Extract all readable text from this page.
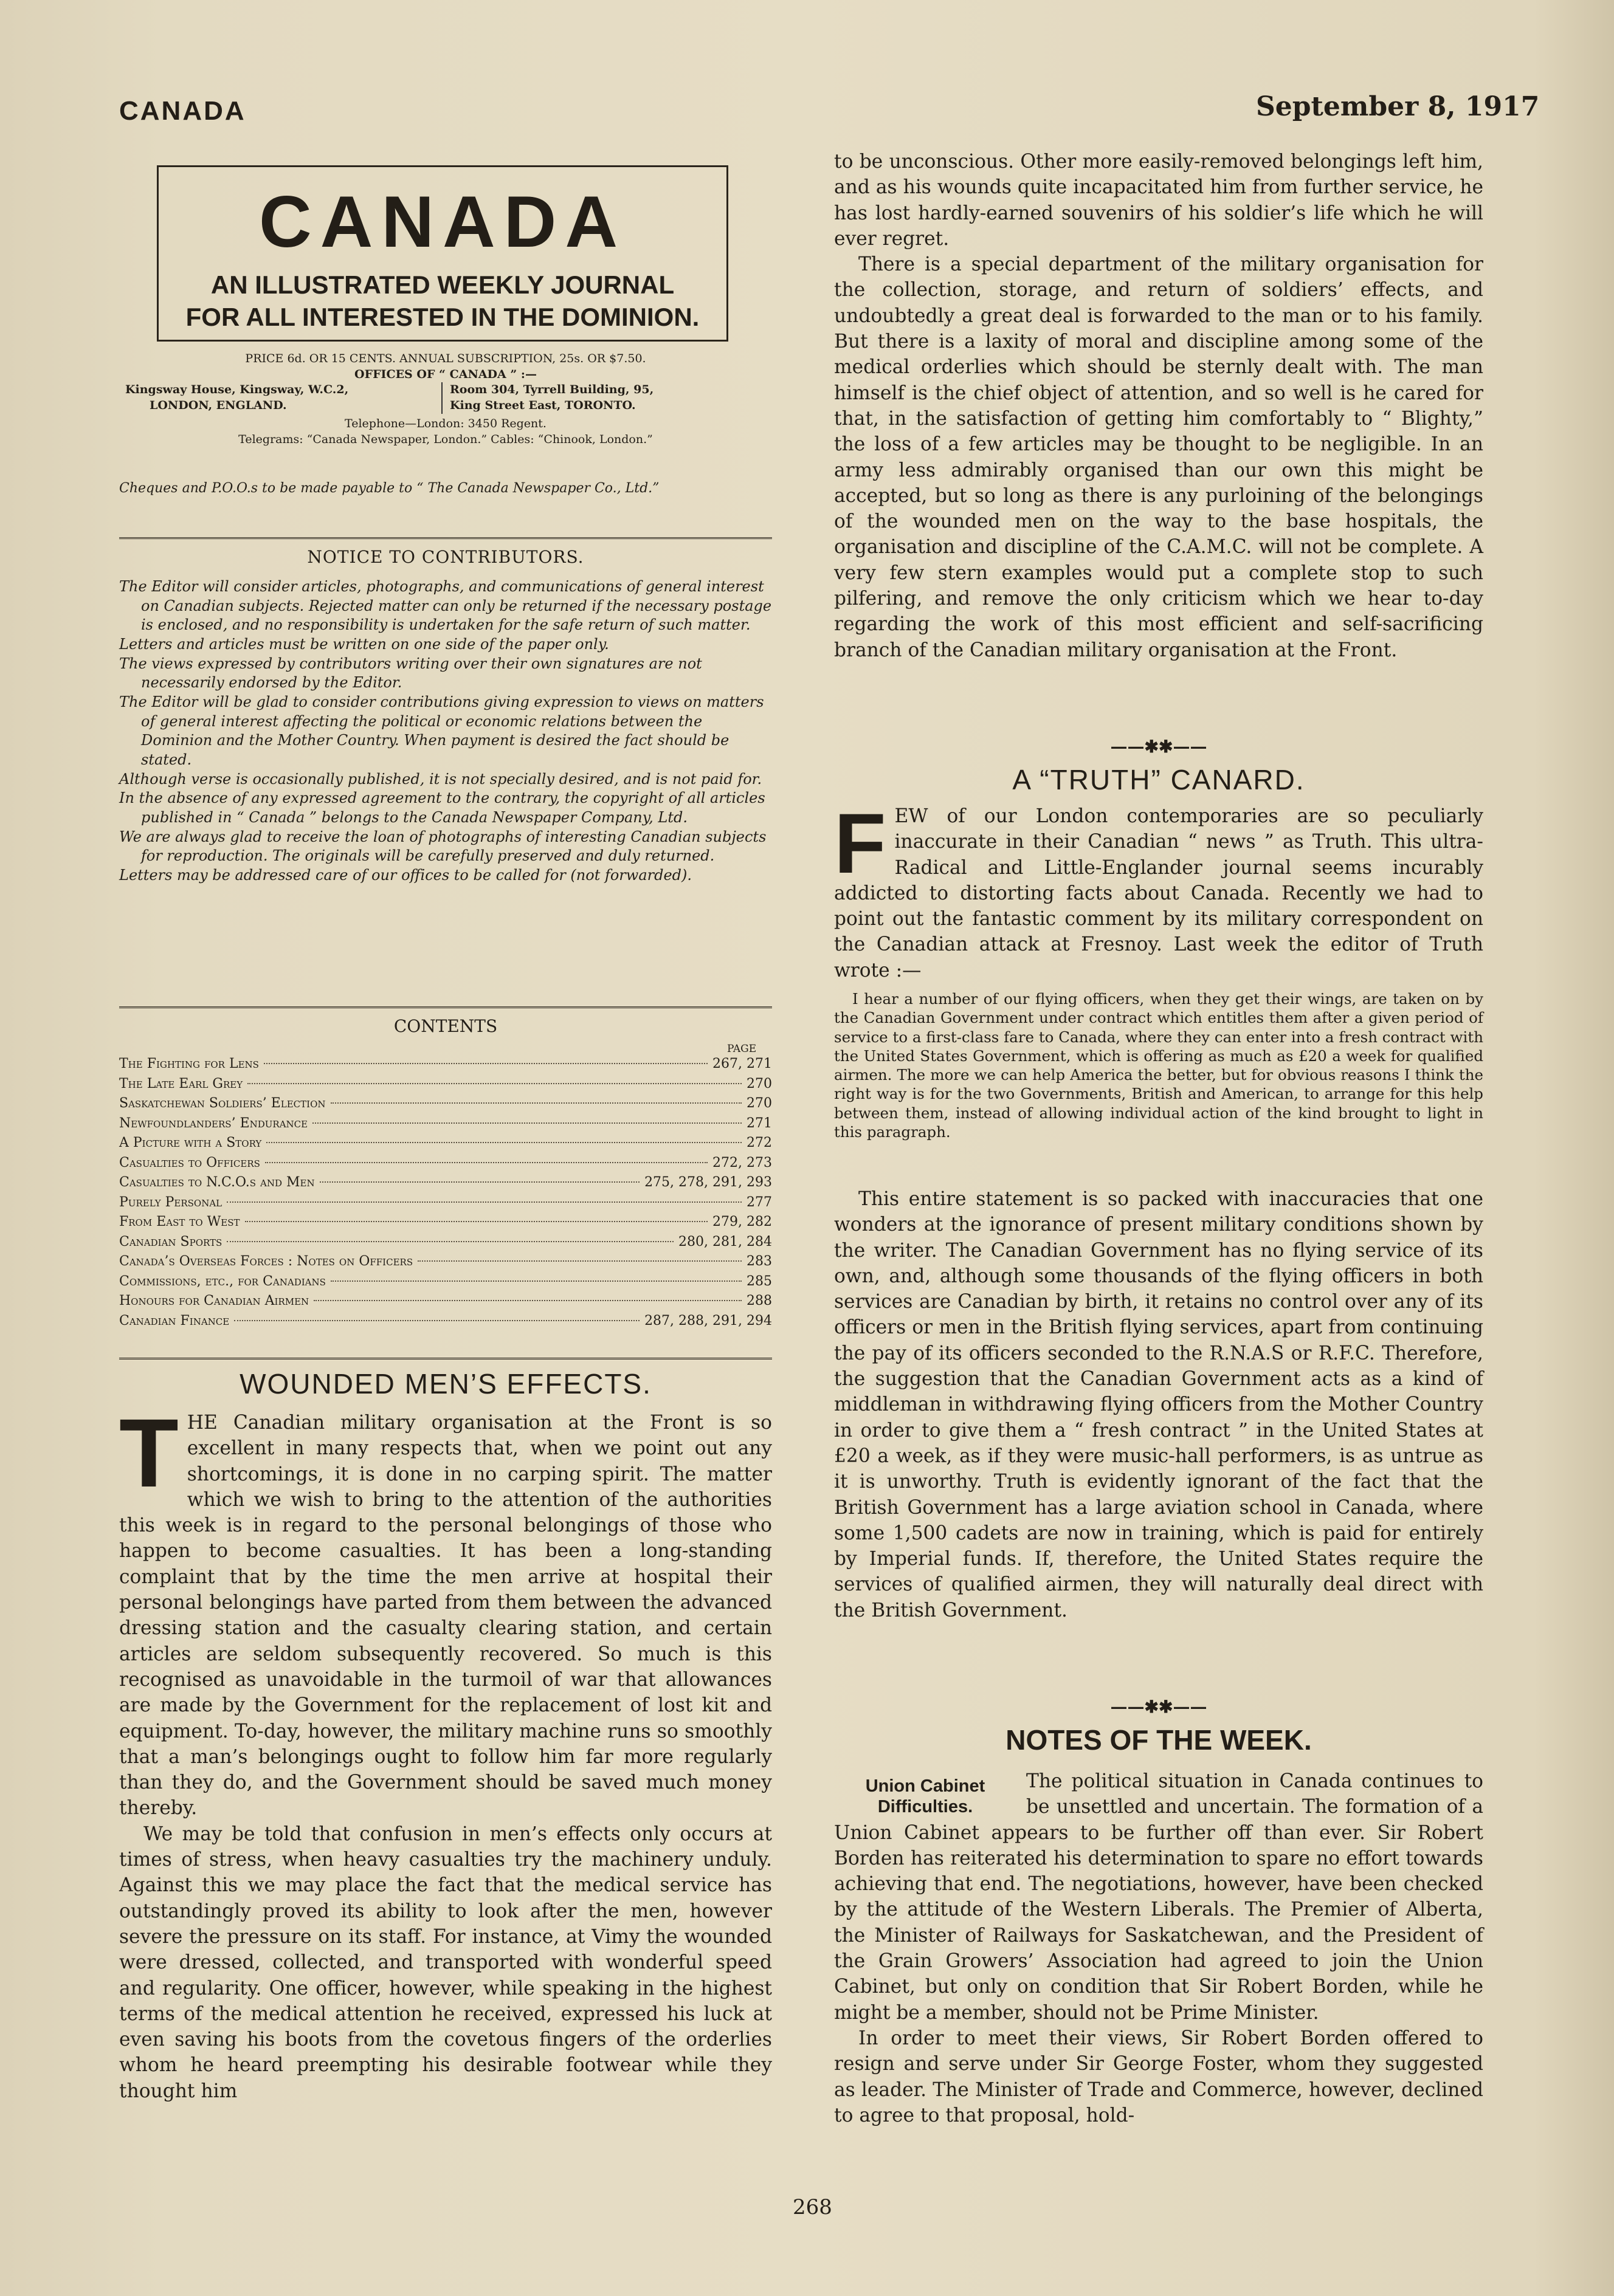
CANADA	September 8, 1917
CANADA
AN ILLUSTRATED WEEKLY JOURNAL
FOR ALL INTERESTED IN THE DOMINION.
PRICE 6d. OR 15 CENTS. ANNUAL SUBSCRIPTION, 25s. OR $7.50.
OFFICES OF “ CANADA ” :—
Kingsway House, Kingsway, W.C.2,
LONDON, ENGLAND.
Room 304, Tyrrell Building, 95,
King Street East, TORONTO.
Telephone—London: 3450 Regent.
Telegrams: “Canada Newspaper, London.” Cables: “Chinook, London.”
Cheques and P.O.O.s to be made payable to “ The Canada Newspaper Co., Ltd.”
NOTICE TO CONTRIBUTORS.

The Editor will consider articles, photographs, and communications of general interest on Canadian subjects. Rejected matter can only be returned if the necessary postage is enclosed, and no responsibility is undertaken for the safe return of such matter.

Letters and articles must be written on one side of the paper only.

The views expressed by contributors writing over their own signatures are not necessarily endorsed by the Editor.

The Editor will be glad to consider contributions giving expression to views on matters of general interest affecting the political or economic relations between the Dominion and the Mother Country. When payment is desired the fact should be stated.

Although verse is occasionally published, it is not specially desired, and is not paid for.

In the absence of any expressed agreement to the contrary, the copyright of all articles published in “ Canada ” belongs to the Canada Newspaper Company, Ltd.

We are always glad to receive the loan of photographs of interesting Canadian subjects for reproduction. The originals will be carefully preserved and duly returned.

Letters may be addressed care of our offices to be called for (not forwarded).

CONTENTS
PAGE
The Fighting for Lens	267, 271
The Late Earl Grey	270
Saskatchewan Soldiers’ Election	270
Newfoundlanders’ Endurance	271
A Picture with a Story	272
Casualties to Officers	272, 273
Casualties to N.C.O.s and Men	275, 278, 291, 293
Purely Personal	277
From East to West	279, 282
Canadian Sports	280, 281, 284
Canada’s Overseas Forces : Notes on Officers	283
Commissions, etc., for Canadians	285
Honours for Canadian Airmen	288
Canadian Finance	287, 288, 291, 294
WOUNDED MEN’S EFFECTS.
T HE Canadian military organisation at the Front is so excellent in many respects that, when we point out any shortcomings, it is done in no carping spirit. The matter which we wish to bring to the attention of the authorities this week is in regard to the personal belongings of those who happen to become casualties. It has been a long-standing complaint that by the time the men arrive at hospital their personal belongings have parted from them between the advanced dressing station and the casualty clearing station, and certain articles are seldom subsequently recovered. So much is this recognised as unavoidable in the turmoil of war that allowances are made by the Government for the replacement of lost kit and equipment. To-day, however, the military machine runs so smoothly that a man’s belongings ought to follow him far more regularly than they do, and the Government should be saved much money thereby.

We may be told that confusion in men’s effects only occurs at times of stress, when heavy casualties try the machinery unduly. Against this we may place the fact that the medical service has outstandingly proved its ability to look after the men, however severe the pressure on its staff. For instance, at Vimy the wounded were dressed, collected, and transported with wonderful speed and regularity. One officer, however, while speaking in the highest terms of the medical attention he received, expressed his luck at even saving his boots from the covetous fingers of the orderlies whom he heard preempting his desirable footwear while they thought him

to be unconscious. Other more easily-removed belongings left him, and as his wounds quite incapacitated him from further service, he has lost hardly-earned souvenirs of his soldier’s life which he will ever regret.

There is a special department of the military organisation for the collection, storage, and return of soldiers’ effects, and undoubtedly a great deal is forwarded to the man or to his family. But there is a laxity of moral and discipline among some of the medical orderlies which should be sternly dealt with. The man himself is the chief object of attention, and so well is he cared for that, in the satisfaction of getting him comfortably to “ Blighty,” the loss of a few articles may be thought to be negligible. In an army less admirably organised than our own this might be accepted, but so long as there is any purloining of the belongings of the wounded men on the way to the base hospitals, the organisation and discipline of the C.A.M.C. will not be complete. A very few stern examples would put a complete stop to such pilfering, and remove the only criticism which we hear to-day regarding the work of this most efficient and self-sacrificing branch of the Canadian military organisation at the Front.

——✱✱——
A “TRUTH” CANARD.
F EW of our London contemporaries are so peculiarly inaccurate in their Canadian “ news ” as Truth. This ultra-Radical and Little-Englander journal seems incurably addicted to distorting facts about Canada. Recently we had to point out the fantastic comment by its military correspondent on the Canadian attack at Fresnoy. Last week the editor of Truth wrote :—

I hear a number of our flying officers, when they get their wings, are taken on by the Canadian Government under contract which entitles them after a given period of service to a first-class fare to Canada, where they can enter into a fresh contract with the United States Government, which is offering as much as £20 a week for qualified airmen. The more we can help America the better, but for obvious reasons I think the right way is for the two Governments, British and American, to arrange for this help between them, instead of allowing individual action of the kind brought to light in this paragraph.

This entire statement is so packed with inaccuracies that one wonders at the ignorance of present military conditions shown by the writer. The Canadian Government has no flying service of its own, and, although some thousands of the flying officers in both services are Canadian by birth, it retains no control over any of its officers or men in the British flying services, apart from continuing the pay of its officers seconded to the R.N.A.S or R.F.C. Therefore, the suggestion that the Canadian Government acts as a kind of middleman in withdrawing flying officers from the Mother Country in order to give them a “ fresh contract ” in the United States at £20 a week, as if they were music-hall performers, is as untrue as it is unworthy. Truth is evidently ignorant of the fact that the British Government has a large aviation school in Canada, where some 1,500 cadets are now in training, which is paid for entirely by Imperial funds. If, therefore, the United States require the services of qualified airmen, they will naturally deal direct with the British Government.

——✱✱——
NOTES OF THE WEEK.
Union Cabinet Difficulties.

The political situation in Canada continues to be unsettled and uncertain. The formation of a Union Cabinet appears to be further off than ever. Sir Robert Borden has reiterated his determination to spare no effort towards achieving that end. The negotiations, however, have been checked by the attitude of the Western Liberals. The Premier of Alberta, the Minister of Railways for Saskatchewan, and the President of the Grain Growers’ Association had agreed to join the Union Cabinet, but only on condition that Sir Robert Borden, while he might be a member, should not be Prime Minister.

In order to meet their views, Sir Robert Borden offered to resign and serve under Sir George Foster, whom they suggested as leader. The Minister of Trade and Commerce, however, declined to agree to that proposal, hold-

268
